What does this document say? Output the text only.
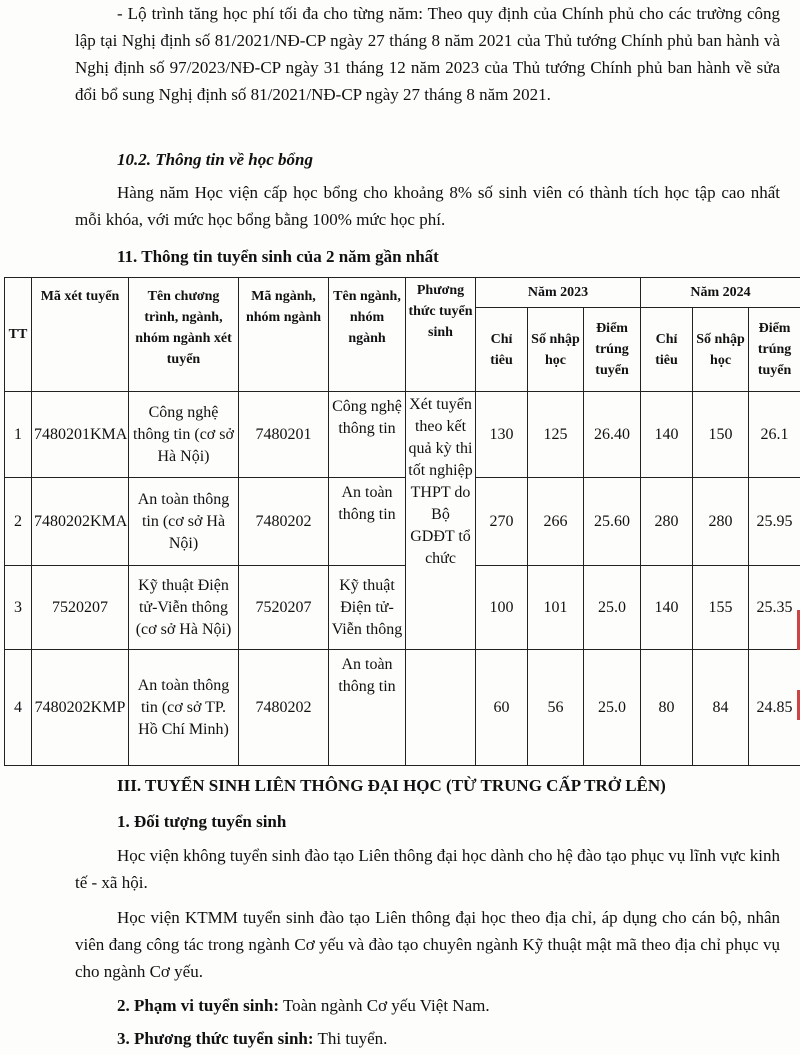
- Lộ trình tăng học phí tối đa cho từng năm: Theo quy định của Chính phủ cho các trường công lập tại Nghị định số 81/2021/NĐ-CP ngày 27 tháng 8 năm 2021 của Thủ tướng Chính phủ ban hành và Nghị định số 97/2023/NĐ-CP ngày 31 tháng 12 năm 2023 của Thủ tướng Chính phủ ban hành về sửa đổi bổ sung Nghị định số 81/2021/NĐ-CP ngày 27 tháng 8 năm 2021.

10.2. Thông tin về học bổng

Hàng năm Học viện cấp học bổng cho khoảng 8% số sinh viên có thành tích học tập cao nhất mỗi khóa, với mức học bổng bằng 100% mức học phí.

11. Thông tin tuyển sinh của 2 năm gần nhất

TT	Mã xét tuyển	Tên chương trình, ngành, nhóm ngành xét tuyển	Mã ngành, nhóm ngành	Tên ngành, nhóm ngành	Phương thức tuyển sinh	Năm 2023			Năm 2024		
						Chỉ tiêu	Số nhập học	Điểm trúng tuyển	Chỉ tiêu	Số nhập học	Điểm trúng tuyển
1	7480201KMA	Công nghệ thông tin (cơ sở Hà Nội)	7480201	Công nghệ thông tin	Xét tuyển theo kết quả kỳ thi tốt nghiệp THPT do Bộ GDĐT tổ chức	130	125	26.40	140	150	26.1
2	7480202KMA	An toàn thông tin (cơ sở Hà Nội)	7480202	An toàn thông tin		270	266	25.60	280	280	25.95
3	7520207	Kỹ thuật Điện tử-Viễn thông (cơ sở Hà Nội)	7520207	Kỹ thuật Điện tử-Viễn thông		100	101	25.0	140	155	25.35
4	7480202KMP	An toàn thông tin (cơ sở TP. Hồ Chí Minh)	7480202	An toàn thông tin		60	56	25.0	80	84	24.85

III. TUYỂN SINH LIÊN THÔNG ĐẠI HỌC (TỪ TRUNG CẤP TRỞ LÊN)

1. Đối tượng tuyển sinh

Học viện không tuyển sinh đào tạo Liên thông đại học dành cho hệ đào tạo phục vụ lĩnh vực kinh tế - xã hội.

Học viện KTMM tuyển sinh đào tạo Liên thông đại học theo địa chỉ, áp dụng cho cán bộ, nhân viên đang công tác trong ngành Cơ yếu và đào tạo chuyên ngành Kỹ thuật mật mã theo địa chỉ phục vụ cho ngành Cơ yếu.

2. Phạm vi tuyển sinh: Toàn ngành Cơ yếu Việt Nam.

3. Phương thức tuyển sinh: Thi tuyển.
